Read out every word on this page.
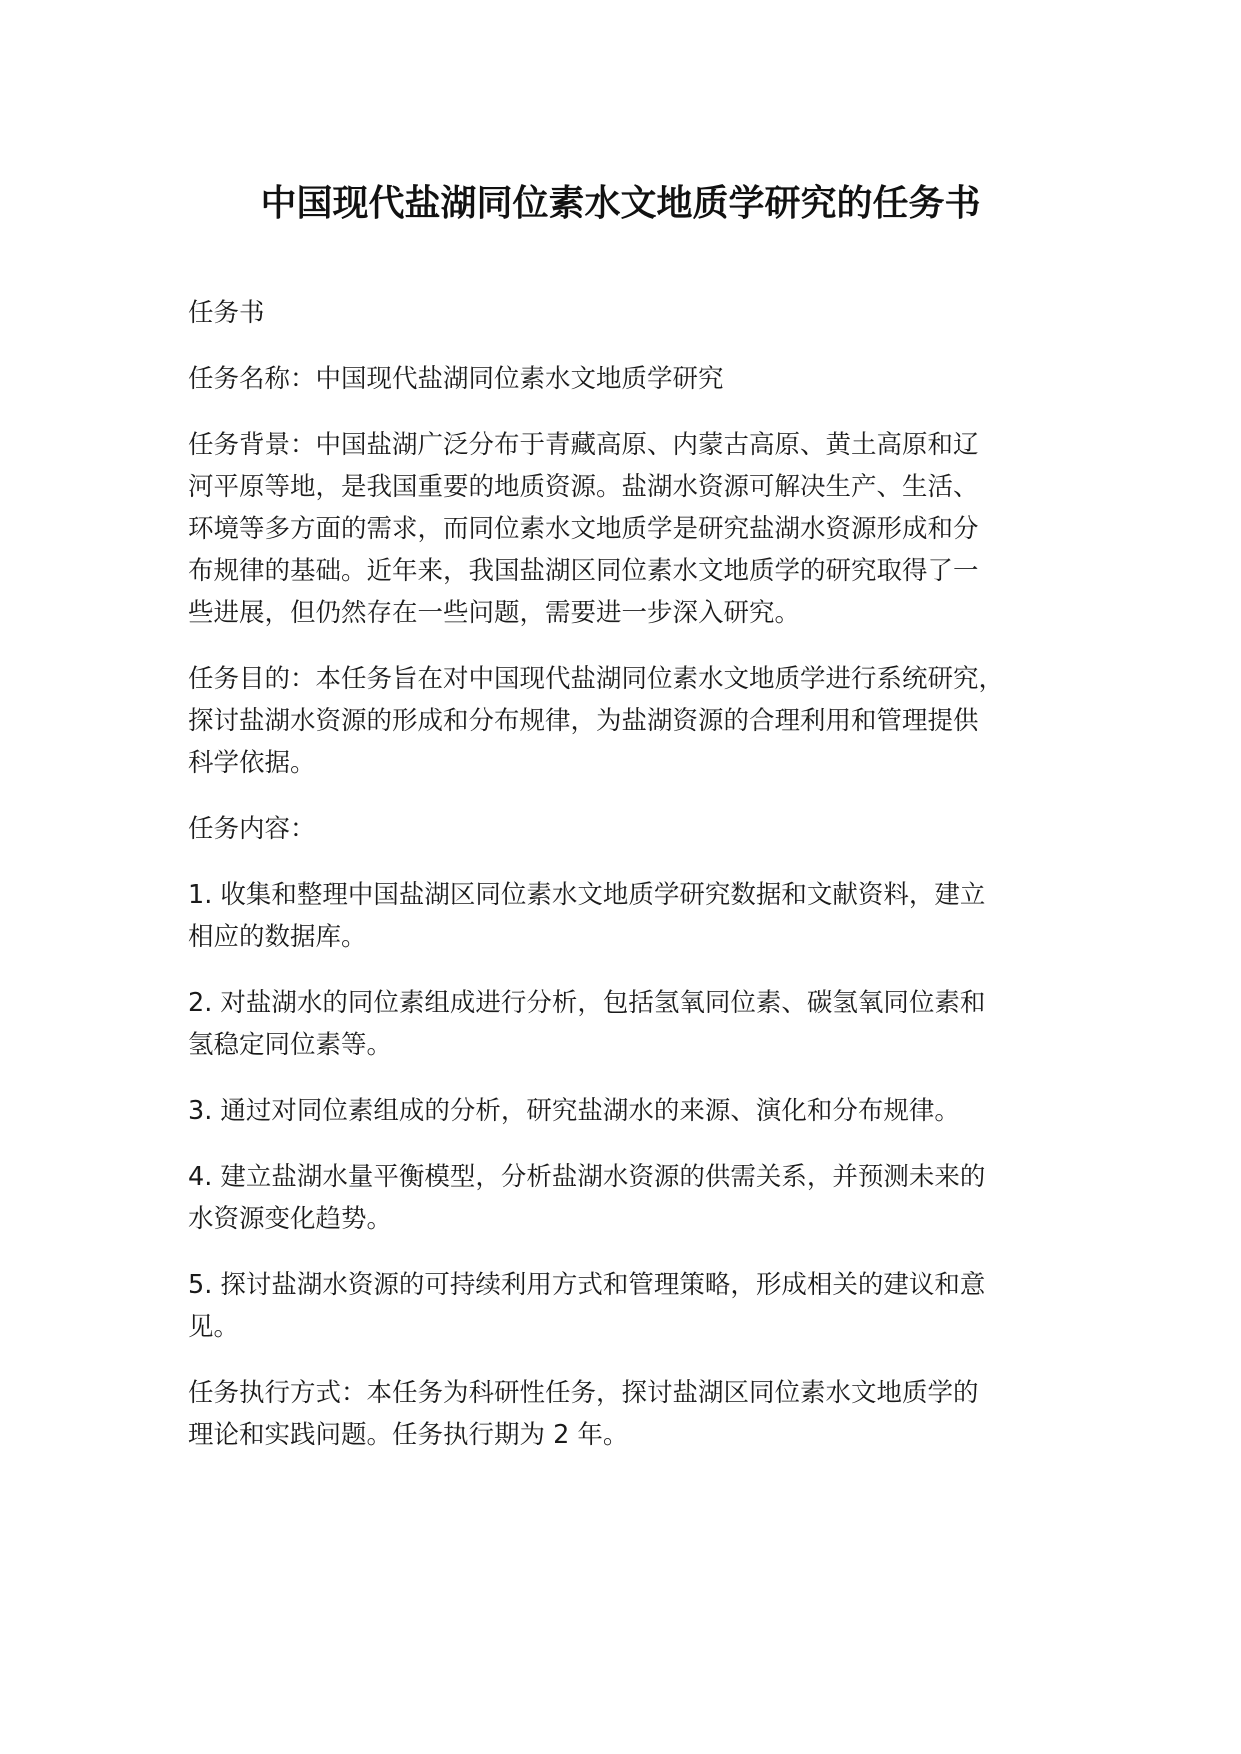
中国现代盐湖同位素水文地质学研究的任务书

任务书

任务名称：中国现代盐湖同位素水文地质学研究

任务背景：中国盐湖广泛分布于青藏高原、内蒙古高原、黄土高原和辽
河平原等地，是我国重要的地质资源。盐湖水资源可解决生产、生活、
环境等多方面的需求，而同位素水文地质学是研究盐湖水资源形成和分
布规律的基础。近年来，我国盐湖区同位素水文地质学的研究取得了一
些进展，但仍然存在一些问题，需要进一步深入研究。

任务目的：本任务旨在对中国现代盐湖同位素水文地质学进行系统研究，
探讨盐湖水资源的形成和分布规律，为盐湖资源的合理利用和管理提供
科学依据。

任务内容：

1. 收集和整理中国盐湖区同位素水文地质学研究数据和文献资料，建立
相应的数据库。

2. 对盐湖水的同位素组成进行分析，包括氢氧同位素、碳氢氧同位素和
氢稳定同位素等。

3. 通过对同位素组成的分析，研究盐湖水的来源、演化和分布规律。

4. 建立盐湖水量平衡模型，分析盐湖水资源的供需关系，并预测未来的
水资源变化趋势。

5. 探讨盐湖水资源的可持续利用方式和管理策略，形成相关的建议和意
见。

任务执行方式：本任务为科研性任务，探讨盐湖区同位素水文地质学的
理论和实践问题。任务执行期为 2 年。
